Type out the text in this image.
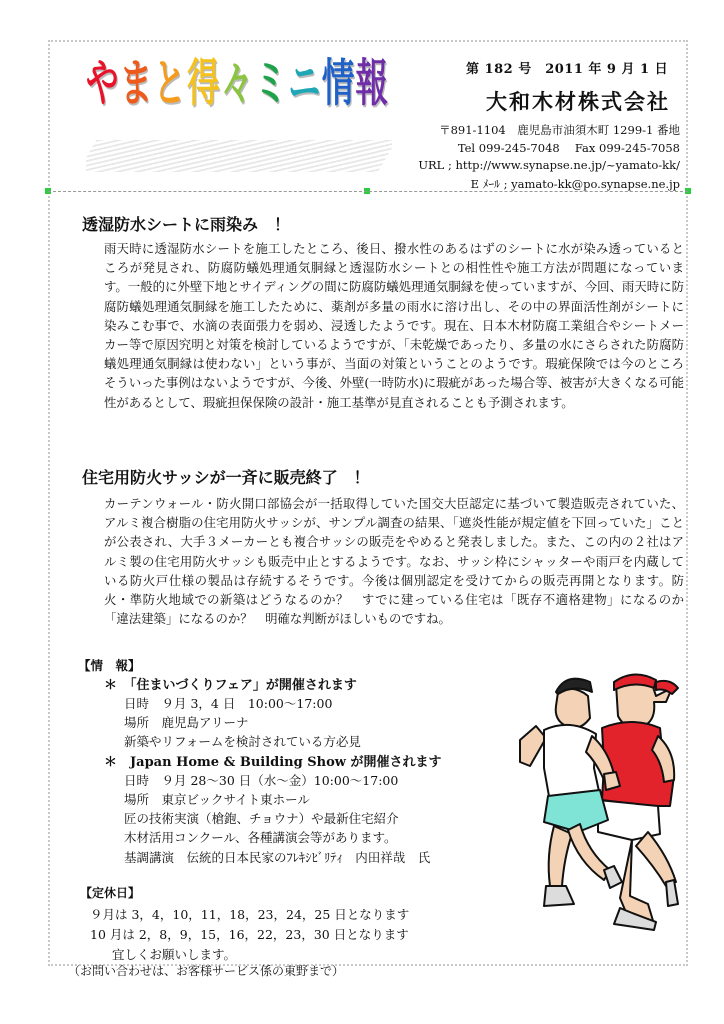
や ま と 得 々 ミ ニ 情 報	第 182 号　2011 年 9 月 1 日
大和木材株式会社
〒891-1104　鹿児島市油須木町 1299-1 番地
Tel 099-245-7048　 Fax 099-245-7058
URL ; http://www.synapse.ne.jp/~yamato-kk/
E ﾒｰﾙ ; yamato-kk@po.synapse.ne.jp
透湿防水シートに雨染み　！
雨天時に透湿防水シートを施工したところ、後日、撥水性のあるはずのシートに水が染み透っているところが発見され、防腐防蟻処理通気胴縁と透湿防水シートとの相性性や施工方法が問題になっています。一般的に外壁下地とサイディングの間に防腐防蟻処理通気胴縁を使っていますが、今回、雨天時に防腐防蟻処理通気胴縁を施工したために、薬剤が多量の雨水に溶け出し、その中の界面活性剤がシートに染みこむ事で、水滴の表面張力を弱め、浸透したようです。現在、日本木材防腐工業組合やシートメーカー等で原因究明と対策を検討しているようですが、「未乾燥であったり、多量の水にさらされた防腐防蟻処理通気胴縁は使わない」という事が、当面の対策ということのようです。瑕疵保険では今のところそういった事例はないようですが、今後、外壁(一時防水)に瑕疵があった場合等、被害が大きくなる可能性があるとして、瑕疵担保保険の設計・施工基準が見直されることも予測されます。
住宅用防火サッシが一斉に販売終了　！
カーテンウォール・防火開口部協会が一括取得していた国交大臣認定に基づいて製造販売されていた、アルミ複合樹脂の住宅用防火サッシが、サンプル調査の結果、「遮炎性能が規定値を下回っていた」ことが公表され、大手３メーカーとも複合サッシの販売をやめると発表しました。また、この内の２社はアルミ製の住宅用防火サッシも販売中止とするようです。なお、サッシ枠にシャッターや雨戸を内蔵している防火戸仕様の製品は存続するそうです。今後は個別認定を受けてからの販売再開となります。防火・準防火地域での新築はどうなるのか？　すでに建っている住宅は「既存不適格建物」になるのか「違法建築」になるのか？　明確な判断がほしいものですね。
【情　報】
＊　「住まいづくりフェア」が開催されます
日時　９月 3，4 日　10:00～17:00
場所　鹿児島アリーナ
新築やリフォームを検討されている方必見
＊　Japan Home & Building Show が開催されます
日時　９月 28～30 日（水～金）10:00～17:00
場所　東京ビックサイト東ホール
匠の技術実演（槍鉋、チョウナ）や最新住宅紹介
木材活用コンクール、各種講演会等があります。
基調講演　伝統的日本民家のﾌﾚｷｼﾋﾞﾘﾃｨ　内田祥哉　氏
【定休日】
９月は 3，4，10，11，18，23，24，25 日となります
10 月は 2，8，9，15，16，22，23，30 日となります
宜しくお願いします。
（お問い合わせは、お客様サービス係の東野まで）
